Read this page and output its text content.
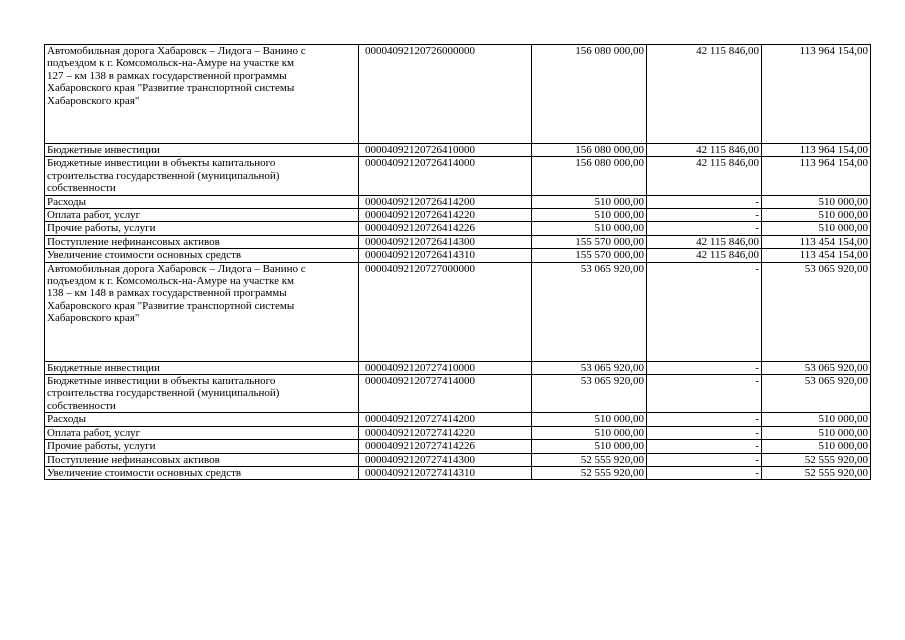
Автомобильная дорога Хабаровск – Лидога – Ванино с подъездом к г. Комсомольск-на-Амуре на участке км 127 – км 138 в рамках государственной программы Хабаровского края "Развитие транспортной системы Хабаровского края"		00004092120726000000	156 080 000,00	42 115 846,00	113 964 154,00
Бюджетные инвестиции		00004092120726410000	156 080 000,00	42 115 846,00	113 964 154,00
Бюджетные инвестиции в объекты капитального строительства государственной (муниципальной) собственности		00004092120726414000	156 080 000,00	42 115 846,00	113 964 154,00
Расходы		00004092120726414200	510 000,00	-	510 000,00
Оплата работ, услуг		00004092120726414220	510 000,00	-	510 000,00
Прочие работы, услуги		00004092120726414226	510 000,00	-	510 000,00
Поступление нефинансовых активов		00004092120726414300	155 570 000,00	42 115 846,00	113 454 154,00
Увеличение стоимости основных средств		00004092120726414310	155 570 000,00	42 115 846,00	113 454 154,00
Автомобильная дорога Хабаровск – Лидога – Ванино с подъездом к г. Комсомольск-на-Амуре на участке км 138 – км 148 в рамках государственной программы Хабаровского края "Развитие транспортной системы Хабаровского края"		00004092120727000000	53 065 920,00	-	53 065 920,00
Бюджетные инвестиции		00004092120727410000	53 065 920,00	-	53 065 920,00
Бюджетные инвестиции в объекты капитального строительства государственной (муниципальной) собственности		00004092120727414000	53 065 920,00	-	53 065 920,00
Расходы		00004092120727414200	510 000,00	-	510 000,00
Оплата работ, услуг		00004092120727414220	510 000,00	-	510 000,00
Прочие работы, услуги		00004092120727414226	510 000,00	-	510 000,00
Поступление нефинансовых активов		00004092120727414300	52 555 920,00	-	52 555 920,00
Увеличение стоимости основных средств		00004092120727414310	52 555 920,00	-	52 555 920,00
